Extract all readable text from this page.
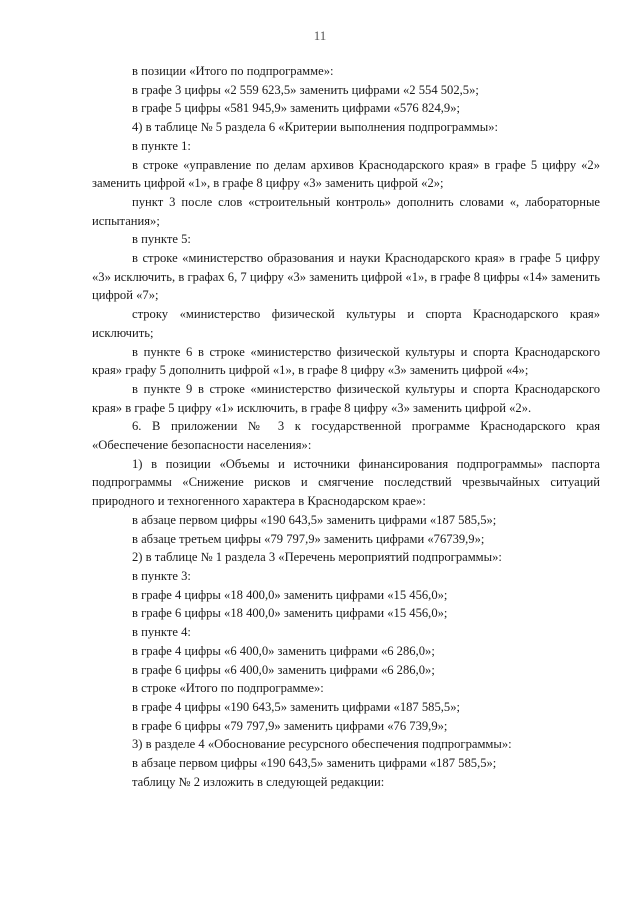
11

в позиции «Итого по подпрограмме»:

в графе 3 цифры «2 559 623,5» заменить цифрами «2 554 502,5»;

в графе 5 цифры «581 945,9» заменить цифрами «576 824,9»;

4) в таблице № 5 раздела 6 «Критерии выполнения подпрограммы»:

в пункте 1:

в строке «управление по делам архивов Краснодарского края» в графе 5 цифру «2» заменить цифрой «1», в графе 8 цифру «3» заменить цифрой «2»;

пункт 3 после слов «строительный контроль» дополнить словами «, лабораторные испытания»;

в пункте 5:

в строке «министерство образования и науки Краснодарского края» в графе 5 цифру «3» исключить, в графах 6, 7 цифру «3» заменить цифрой «1», в графе 8 цифры «14» заменить цифрой «7»;

строку «министерство физической культуры и спорта Краснодарского края» исключить;

в пункте 6 в строке «министерство физической культуры и спорта Краснодарского края» графу 5 дополнить цифрой «1», в графе 8 цифру «3» заменить цифрой «4»;

в пункте 9 в строке «министерство физической культуры и спорта Краснодарского края» в графе 5 цифру «1» исключить, в графе 8 цифру «3» заменить цифрой «2».

6. В приложении № 3 к государственной программе Краснодарского края «Обеспечение безопасности населения»:

1) в позиции «Объемы и источники финансирования подпрограммы» паспорта подпрограммы «Снижение рисков и смягчение последствий чрезвычайных ситуаций природного и техногенного характера в Краснодарском крае»:

в абзаце первом цифры «190 643,5» заменить цифрами «187 585,5»;

в абзаце третьем цифры «79 797,9» заменить цифрами «76739,9»;

2) в таблице № 1 раздела 3 «Перечень мероприятий подпрограммы»:

в пункте 3:

в графе 4 цифры «18 400,0» заменить цифрами «15 456,0»;

в графе 6 цифры «18 400,0» заменить цифрами «15 456,0»;

в пункте 4:

в графе 4 цифры «6 400,0» заменить цифрами «6 286,0»;

в графе 6 цифры «6 400,0» заменить цифрами «6 286,0»;

в строке «Итого по подпрограмме»:

в графе 4 цифры «190 643,5» заменить цифрами «187 585,5»;

в графе 6 цифры «79 797,9» заменить цифрами «76 739,9»;

3) в разделе 4 «Обоснование ресурсного обеспечения подпрограммы»:

в абзаце первом цифры «190 643,5» заменить цифрами «187 585,5»;

таблицу № 2 изложить в следующей редакции:
